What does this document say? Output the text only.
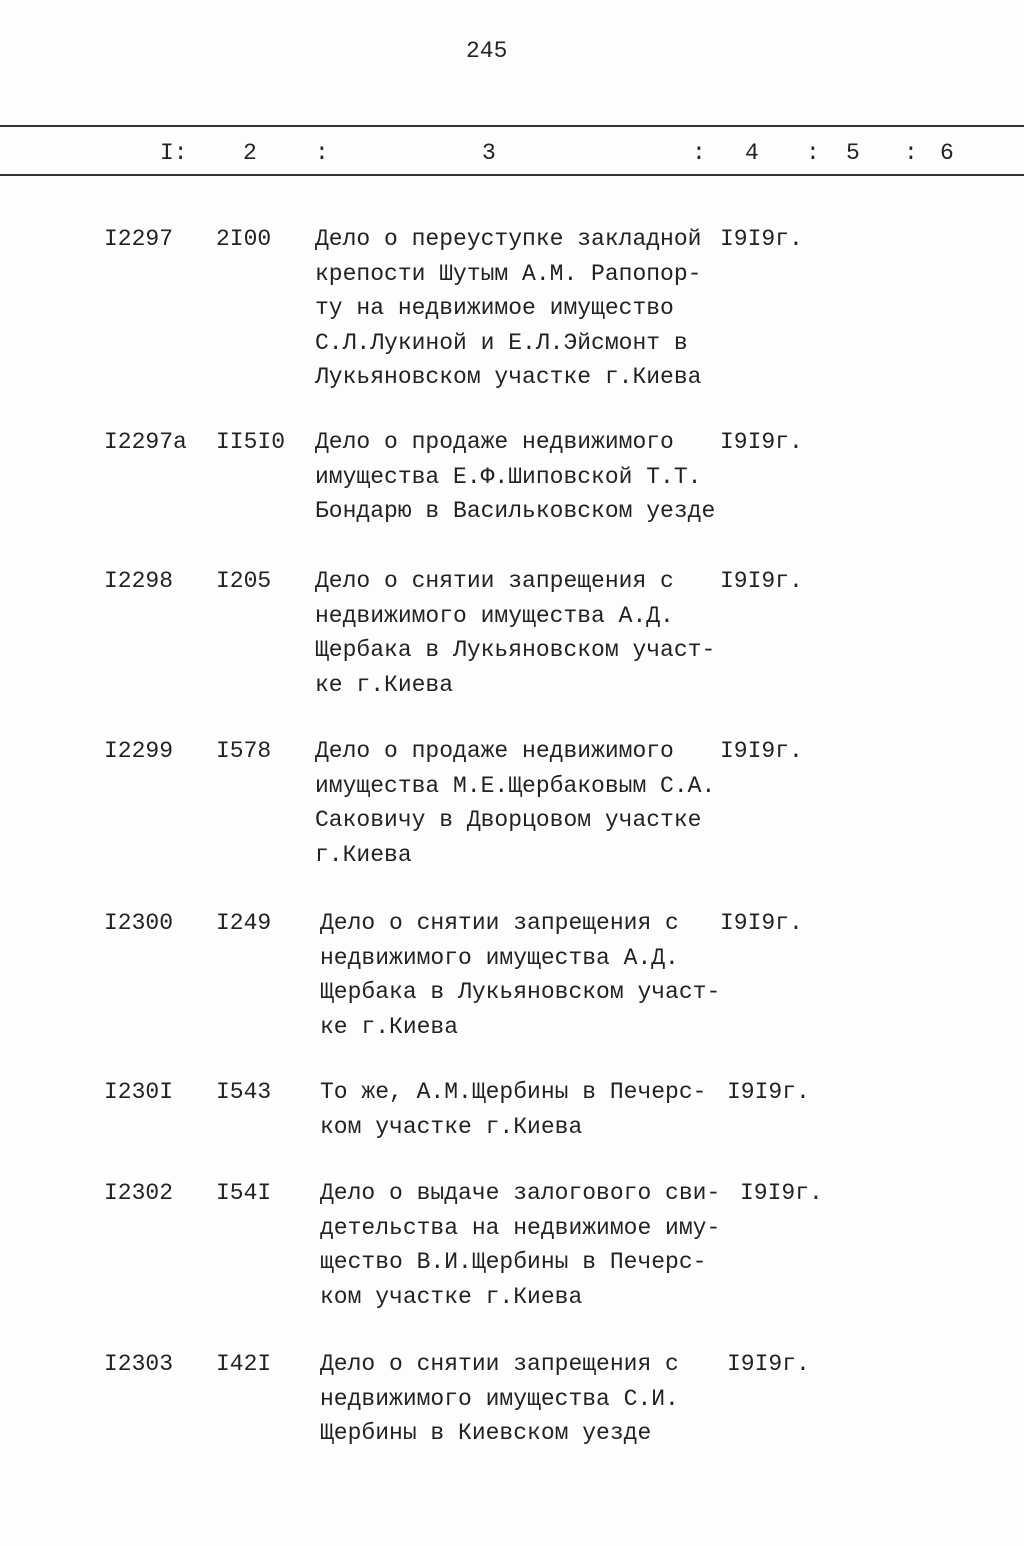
245
I: 2	:	3	: 4 : 5 : 6
I2297 2I00 Дело о переуступке закладной
крепости Шутым А.М. Рапопор-
ту на недвижимое имущество
С.Л.Лукиной и Е.Л.Эйсмонт в
Лукьяновском участке г.Киева
I9I9г.
I2297а II5I0 Дело о продаже недвижимого
имущества Е.Ф.Шиповской Т.Т.
Бондарю в Васильковском уезде
I9I9г.
I2298 I205 Дело о снятии запрещения с
недвижимого имущества А.Д.
Щербака в Лукьяновском участ-
ке г.Киева
I9I9г.
I2299 I578 Дело о продаже недвижимого
имущества М.Е.Щербаковым С.А.
Саковичу в Дворцовом участке
г.Киева
I9I9г.
I2300 I249 Дело о снятии запрещения с
недвижимого имущества А.Д.
Щербака в Лукьяновском участ-
ке г.Киева
I9I9г.
I230I I543 То же, А.М.Щербины в Печерс-
ком участке г.Киева
I9I9г.
I2302 I54I Дело о выдаче залогового сви-
детельства на недвижимое иму-
щество В.И.Щербины в Печерс-
ком участке г.Киева
I9I9г.
I2303 I42I Дело о снятии запрещения с
недвижимого имущества С.И.
Щербины в Киевском уезде
I9I9г.
